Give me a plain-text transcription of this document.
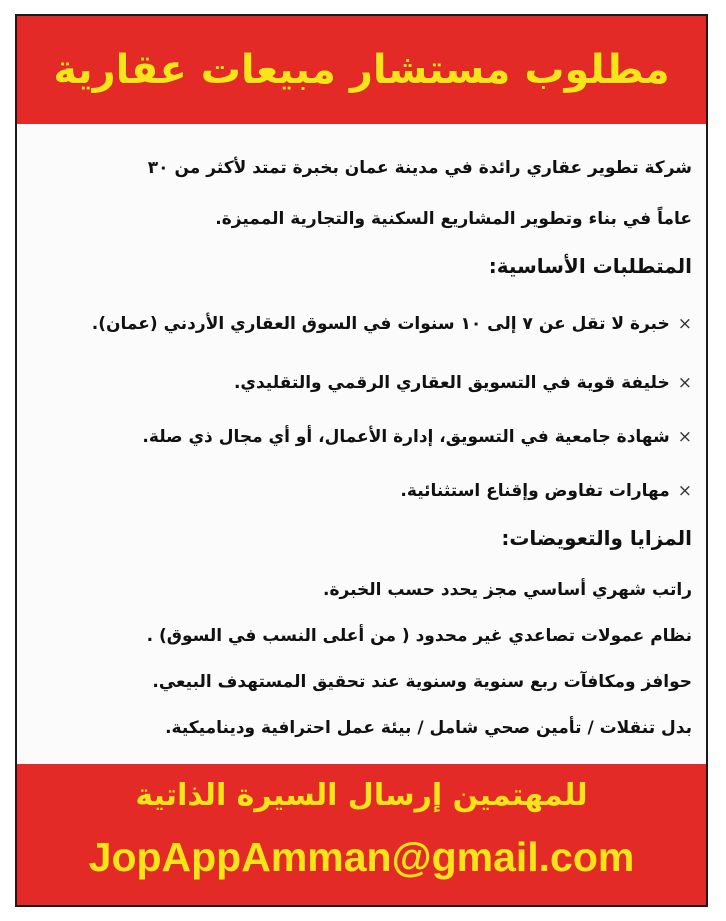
مطلوب مستشار مبيعات عقارية
شركة تطوير عقاري رائدة في مدينة عمان بخبرة تمتد لأكثر من ٣٠
عاماً في بناء وتطوير المشاريع السكنية والتجارية المميزة.
المتطلبات الأساسية:
×خبرة لا تقل عن ٧ إلى ١٠ سنوات في السوق العقاري الأردني (عمان).
×خليفة قوية في التسويق العقاري الرقمي والتقليدي.
×شهادة جامعية في التسويق، إدارة الأعمال، أو أي مجال ذي صلة.
×مهارات تفاوض وإقناع استثنائية.
المزايا والتعويضات:
راتب شهري أساسي مجز يحدد حسب الخبرة.
نظام عمولات تصاعدي غير محدود ( من أعلى النسب في السوق) .
حوافز ومكافآت ربع سنوية وسنوية عند تحقيق المستهدف البيعي.
بدل تنقلات / تأمين صحي شامل / بيئة عمل احترافية وديناميكية.
للمهتمين إرسال السيرة الذاتية
JopAppAmman@gmail.com
